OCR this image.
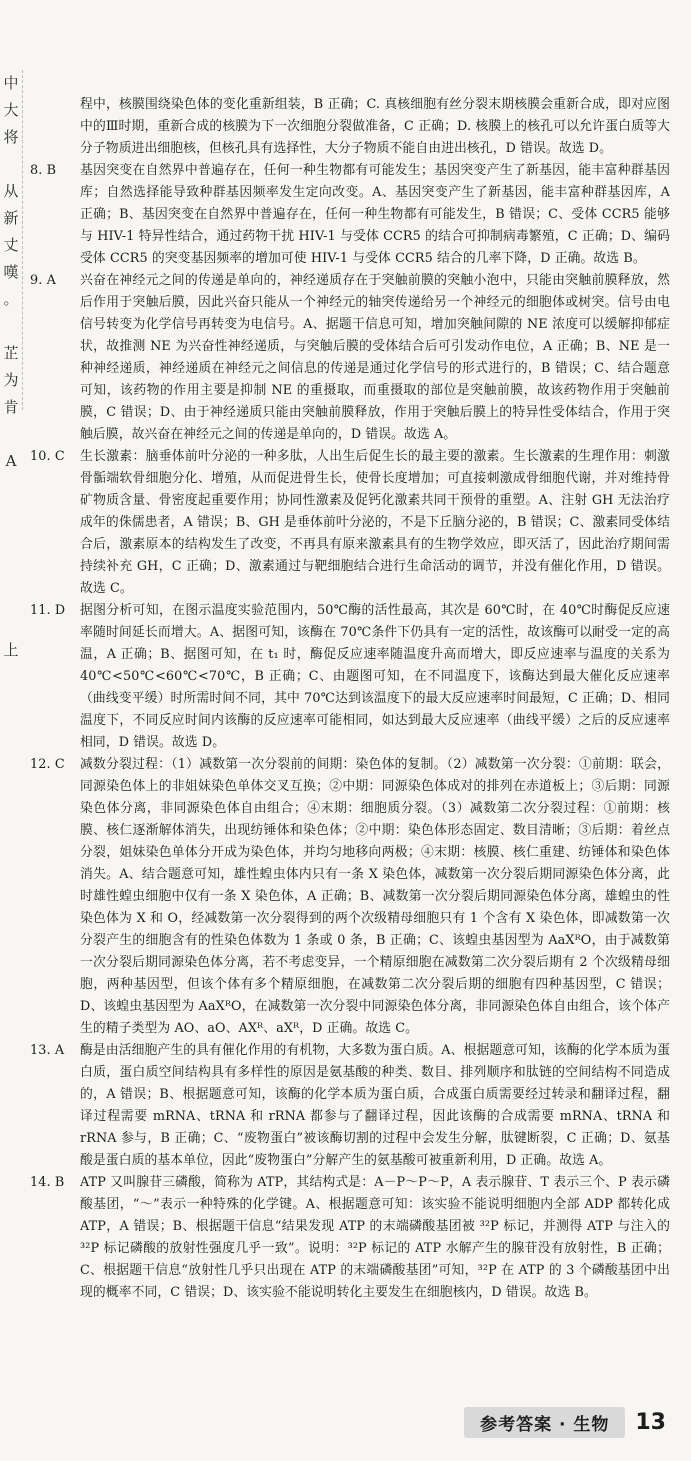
中
大
将

从
新
丈
嘆
。

芷
为
肯

A

上

程中，核膜围绕染色体的变化重新组装，B 正确；C. 真核细胞有丝分裂末期核膜会重新合成，即对应图中的Ⅲ时期，重新合成的核膜为下一次细胞分裂做准备，C 正确；D. 核膜上的核孔可以允许蛋白质等大分子物质进出细胞核，但核孔具有选择性，大分子物质不能自由进出核孔，D 错误。故选 D。

8. B	基因突变在自然界中普遍存在，任何一种生物都有可能发生；基因突变产生了新基因，能丰富种群基因库；自然选择能导致种群基因频率发生定向改变。A、基因突变产生了新基因，能丰富种群基因库，A 正确；B、基因突变在自然界中普遍存在，任何一种生物都有可能发生，B 错误；C、受体 CCR5 能够与 HIV-1 特异性结合，通过药物干扰 HIV-1 与受体 CCR5 的结合可抑制病毒繁殖，C 正确；D、编码受体 CCR5 的突变基因频率的增加可使 HIV-1 与受体 CCR5 结合的几率下降，D 正确。故选 B。
9. A	兴奋在神经元之间的传递是单向的，神经递质存在于突触前膜的突触小泡中，只能由突触前膜释放，然后作用于突触后膜，因此兴奋只能从一个神经元的轴突传递给另一个神经元的细胞体或树突。信号由电信号转变为化学信号再转变为电信号。A、据题干信息可知，增加突触间隙的 NE 浓度可以缓解抑郁症状，故推测 NE 为兴奋性神经递质，与突触后膜的受体结合后可引发动作电位，A 正确；B、NE 是一种神经递质，神经递质在神经元之间信息的传递是通过化学信号的形式进行的，B 错误；C、结合题意可知，该药物的作用主要是抑制 NE 的重摄取，而重摄取的部位是突触前膜，故该药物作用于突触前膜，C 错误；D、由于神经递质只能由突触前膜释放，作用于突触后膜上的特异性受体结合，作用于突触后膜，故兴奋在神经元之间的传递是单向的，D 错误。故选 A。
10. C	生长激素：脑垂体前叶分泌的一种多肽，人出生后促生长的最主要的激素。生长激素的生理作用：刺激骨骺端软骨细胞分化、增殖，从而促进骨生长，使骨长度增加；可直接刺激成骨细胞代谢，并对维持骨矿物质含量、骨密度起重要作用；协同性激素及促钙化激素共同干预骨的重塑。A、注射 GH 无法治疗成年的侏儒患者，A 错误；B、GH 是垂体前叶分泌的，不是下丘脑分泌的，B 错误；C、激素同受体结合后，激素原本的结构发生了改变，不再具有原来激素具有的生物学效应，即灭活了，因此治疗期间需持续补充 GH，C 正确；D、激素通过与靶细胞结合进行生命活动的调节，并没有催化作用，D 错误。故选 C。
11. D	据图分析可知，在图示温度实验范围内，50℃酶的活性最高，其次是 60℃时，在 40℃时酶促反应速率随时间延长而增大。A、据图可知，该酶在 70℃条件下仍具有一定的活性，故该酶可以耐受一定的高温，A 正确；B、据图可知，在 t₁ 时，酶促反应速率随温度升高而增大，即反应速率与温度的关系为 40℃<50℃<60℃<70℃，B 正确；C、由题图可知，在不同温度下，该酶达到最大催化反应速率（曲线变平缓）时所需时间不同，其中 70℃达到该温度下的最大反应速率时间最短，C 正确；D、相同温度下，不同反应时间内该酶的反应速率可能相同，如达到最大反应速率（曲线平缓）之后的反应速率相同，D 错误。故选 D。
12. C	减数分裂过程：（1）减数第一次分裂前的间期：染色体的复制。（2）减数第一次分裂：①前期：联会，同源染色体上的非姐妹染色单体交叉互换；②中期：同源染色体成对的排列在赤道板上；③后期：同源染色体分离，非同源染色体自由组合；④末期：细胞质分裂。（3）减数第二次分裂过程：①前期：核膜、核仁逐渐解体消失，出现纺锤体和染色体；②中期：染色体形态固定、数目清晰；③后期：着丝点分裂，姐妹染色单体分开成为染色体，并均匀地移向两极；④末期：核膜、核仁重建、纺锤体和染色体消失。A、结合题意可知，雄性蝗虫体内只有一条 X 染色体，减数第一次分裂后期同源染色体分离，此时雄性蝗虫细胞中仅有一条 X 染色体，A 正确；B、减数第一次分裂后期同源染色体分离，雄蝗虫的性染色体为 X 和 O，经减数第一次分裂得到的两个次级精母细胞只有 1 个含有 X 染色体，即减数第一次分裂产生的细胞含有的性染色体数为 1 条或 0 条，B 正确；C、该蝗虫基因型为 AaXᴿO，由于减数第一次分裂后期同源染色体分离，若不考虑变异，一个精原细胞在减数第二次分裂后期有 2 个次级精母细胞，两种基因型，但该个体有多个精原细胞，在减数第二次分裂后期的细胞有四种基因型，C 错误；D、该蝗虫基因型为 AaXᴿO，在减数第一次分裂中同源染色体分离，非同源染色体自由组合，该个体产生的精子类型为 AO、aO、AXᴿ、aXᴿ，D 正确。故选 C。
13. A	酶是由活细胞产生的具有催化作用的有机物，大多数为蛋白质。A、根据题意可知，该酶的化学本质为蛋白质，蛋白质空间结构具有多样性的原因是氨基酸的种类、数目、排列顺序和肽链的空间结构不同造成的，A 错误；B、根据题意可知，该酶的化学本质为蛋白质，合成蛋白质需要经过转录和翻译过程，翻译过程需要 mRNA、tRNA 和 rRNA 都参与了翻译过程，因此该酶的合成需要 mRNA、tRNA 和 rRNA 参与，B 正确；C、“废物蛋白”被该酶切割的过程中会发生分解，肽键断裂，C 正确；D、氨基酸是蛋白质的基本单位，因此“废物蛋白”分解产生的氨基酸可被重新利用，D 正确。故选 A。
14. B	ATP 又叫腺苷三磷酸，简称为 ATP，其结构式是：A－P～P～P，A 表示腺苷、T 表示三个、P 表示磷酸基团，“～”表示一种特殊的化学键。A、根据题意可知：该实验不能说明细胞内全部 ADP 都转化成 ATP，A 错误；B、根据题干信息“结果发现 ATP 的末端磷酸基团被 ³²P 标记，并测得 ATP 与注入的 ³²P 标记磷酸的放射性强度几乎一致”。说明：³²P 标记的 ATP 水解产生的腺苷没有放射性，B 正确；C、根据题干信息“放射性几乎只出现在 ATP 的末端磷酸基团”可知，³²P 在 ATP 的 3 个磷酸基团中出现的概率不同，C 错误；D、该实验不能说明转化主要发生在细胞核内，D 错误。故选 B。
参考答案 · 生物	13
